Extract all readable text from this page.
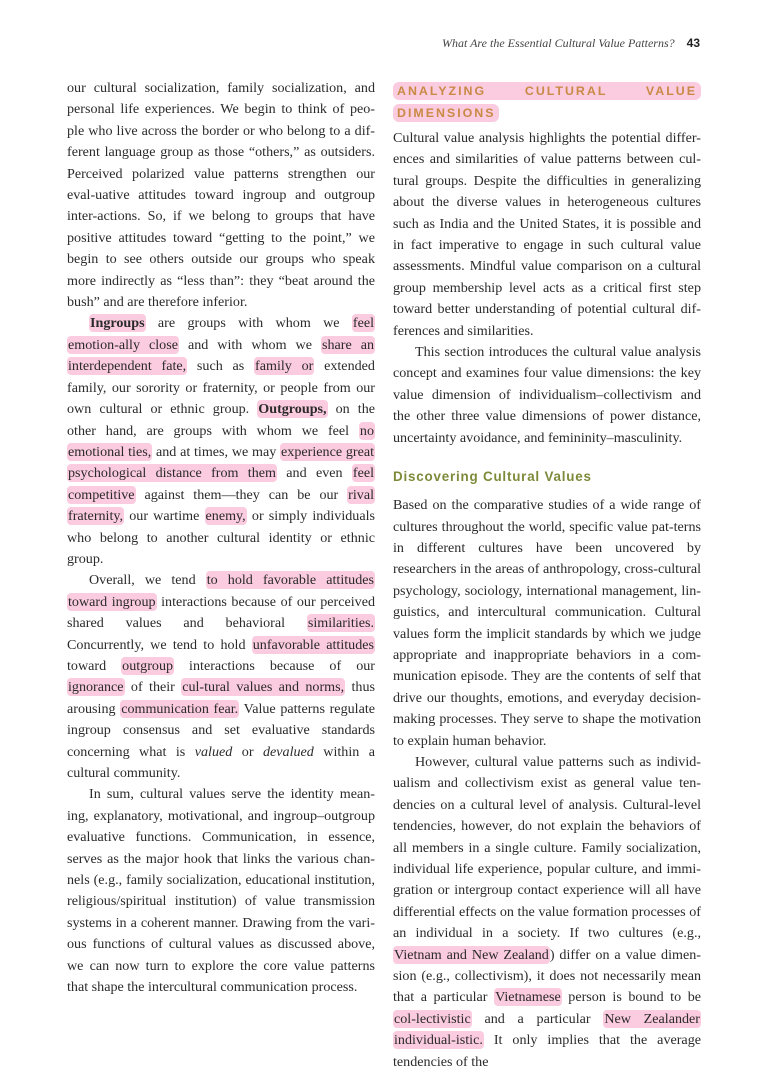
What Are the Essential Cultural Value Patterns? 43

our cultural socialization, family socialization, and personal life experiences. We begin to think of peo-ple who live across the border or who belong to a dif-ferent language group as those “others,” as outsiders. Perceived polarized value patterns strengthen our eval-uative attitudes toward ingroup and outgroup inter-actions. So, if we belong to groups that have positive attitudes toward “getting to the point,” we begin to see others outside our groups who speak more indirectly as “less than”: they “beat around the bush” and are therefore inferior.

Ingroups are groups with whom we feel emotion-ally close and with whom we share an interdependent fate, such as family or extended family, our sorority or fraternity, or people from our own cultural or ethnic group. Outgroups, on the other hand, are groups with whom we feel no emotional ties, and at times, we may experience great psychological distance from them and even feel competitive against them—they can be our rival fraternity, our wartime enemy, or simply individuals who belong to another cultural identity or ethnic group.

Overall, we tend to hold favorable attitudes toward ingroup interactions because of our perceived shared values and behavioral similarities. Concurrently, we tend to hold unfavorable attitudes toward outgroup interactions because of our ignorance of their cul-tural values and norms, thus arousing communication fear. Value patterns regulate ingroup consensus and set evaluative standards concerning what is valued or devalued within a cultural community.

In sum, cultural values serve the identity mean-ing, explanatory, motivational, and ingroup–outgroup evaluative functions. Communication, in essence, serves as the major hook that links the various chan-nels (e.g., family socialization, educational institution, religious/spiritual institution) of value transmission systems in a coherent manner. Drawing from the vari-ous functions of cultural values as discussed above, we can now turn to explore the core value patterns that shape the intercultural communication process.

ANALYZING CULTURAL VALUE DIMENSIONS

Cultural value analysis highlights the potential differ-ences and similarities of value patterns between cul-tural groups. Despite the difficulties in generalizing about the diverse values in heterogeneous cultures such as India and the United States, it is possible and in fact imperative to engage in such cultural value assessments. Mindful value comparison on a cultural group membership level acts as a critical first step toward better understanding of potential cultural dif-ferences and similarities.

This section introduces the cultural value analysis concept and examines four value dimensions: the key value dimension of individualism–collectivism and the other three value dimensions of power distance, uncertainty avoidance, and femininity–masculinity.

Discovering Cultural Values

Based on the comparative studies of a wide range of cultures throughout the world, specific value pat-terns in different cultures have been uncovered by researchers in the areas of anthropology, cross-cultural psychology, sociology, international management, lin-guistics, and intercultural communication. Cultural values form the implicit standards by which we judge appropriate and inappropriate behaviors in a com-munication episode. They are the contents of self that drive our thoughts, emotions, and everyday decision-making processes. They serve to shape the motivation to explain human behavior.

However, cultural value patterns such as individ-ualism and collectivism exist as general value ten-dencies on a cultural level of analysis. Cultural-level tendencies, however, do not explain the behaviors of all members in a single culture. Family socialization, individual life experience, popular culture, and immi-gration or intergroup contact experience will all have differential effects on the value formation processes of an individual in a society. If two cultures (e.g., Vietnam and New Zealand) differ on a value dimen-sion (e.g., collectivism), it does not necessarily mean that a particular Vietnamese person is bound to be col-lectivistic and a particular New Zealander individual-istic. It only implies that the average tendencies of the
